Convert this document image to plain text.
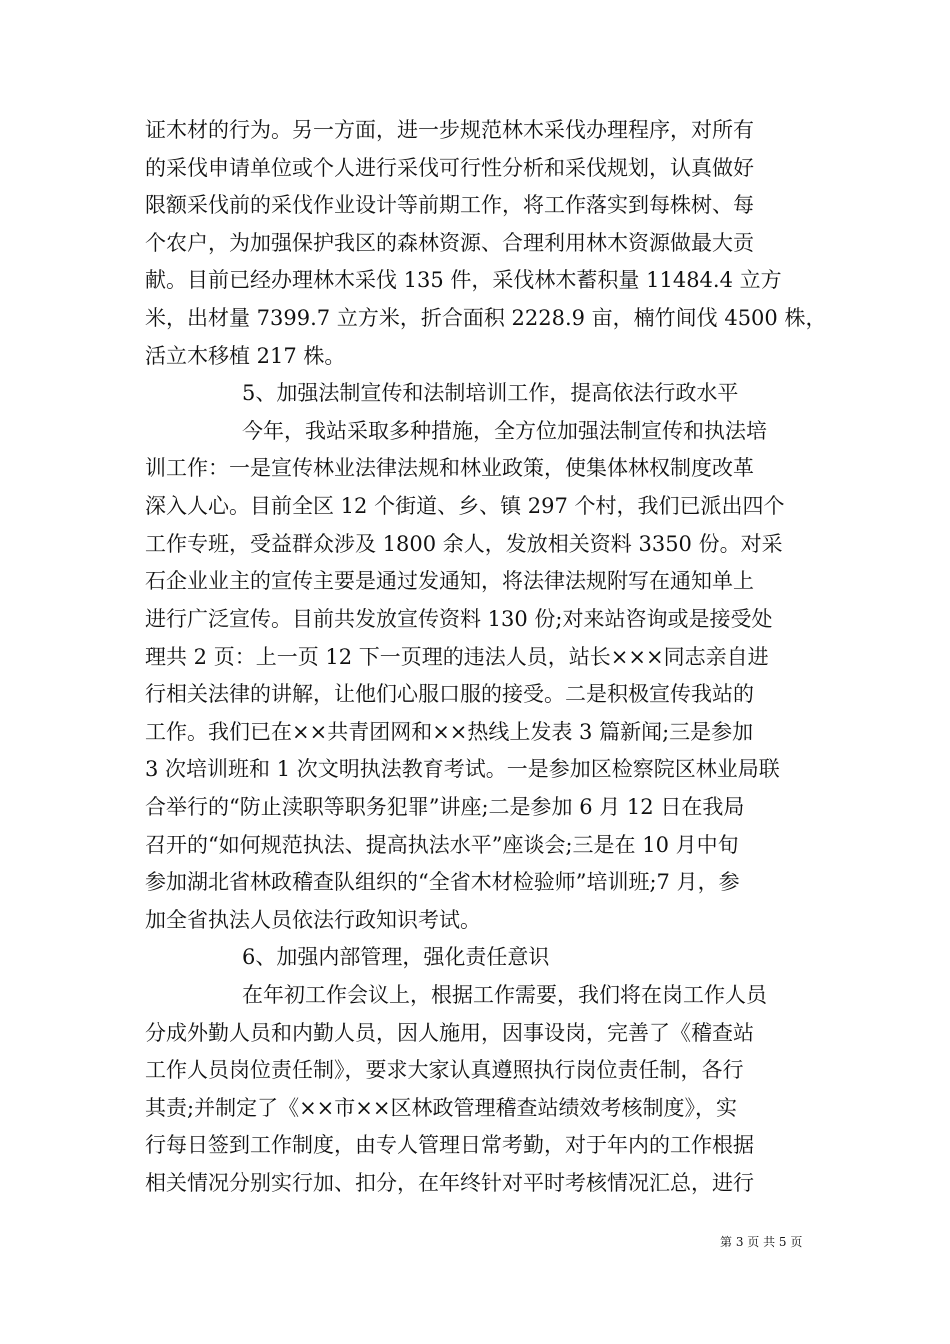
证木材的行为。另一方面，进一步规范林木采伐办理程序，对所有
的采伐申请单位或个人进行采伐可行性分析和采伐规划，认真做好
限额采伐前的采伐作业设计等前期工作，将工作落实到每株树、每
个农户，为加强保护我区的森林资源、合理利用林木资源做最大贡
献。目前已经办理林木采伐 135 件，采伐林木蓄积量 11484.4 立方
米，出材量 7399.7 立方米，折合面积 2228.9 亩，楠竹间伐 4500 株，
活立木移植 217 株。
5、加强法制宣传和法制培训工作，提高依法行政水平
今年，我站采取多种措施，全方位加强法制宣传和执法培
训工作：一是宣传林业法律法规和林业政策，使集体林权制度改革
深入人心。目前全区 12 个街道、乡、镇 297 个村，我们已派出四个
工作专班，受益群众涉及 1800 余人，发放相关资料 3350 份。对采
石企业业主的宣传主要是通过发通知，将法律法规附写在通知单上
进行广泛宣传。目前共发放宣传资料 130 份;对来站咨询或是接受处
理共 2 页：上一页 12 下一页理的违法人员，站长×××同志亲自进
行相关法律的讲解，让他们心服口服的接受。二是积极宣传我站的
工作。我们已在××共青团网和××热线上发表 3 篇新闻;三是参加
3 次培训班和 1 次文明执法教育考试。一是参加区检察院区林业局联
合举行的“防止渎职等职务犯罪”讲座;二是参加 6 月 12 日在我局
召开的“如何规范执法、提高执法水平”座谈会;三是在 10 月中旬
参加湖北省林政稽查队组织的“全省木材检验师”培训班;7 月，参
加全省执法人员依法行政知识考试。
6、加强内部管理，强化责任意识
在年初工作会议上，根据工作需要，我们将在岗工作人员
分成外勤人员和内勤人员，因人施用，因事设岗，完善了《稽查站
工作人员岗位责任制》，要求大家认真遵照执行岗位责任制，各行
其责;并制定了《××市××区林政管理稽查站绩效考核制度》，实
行每日签到工作制度，由专人管理日常考勤，对于年内的工作根据
相关情况分别实行加、扣分，在年终针对平时考核情况汇总，进行
第 3 页 共 5 页
